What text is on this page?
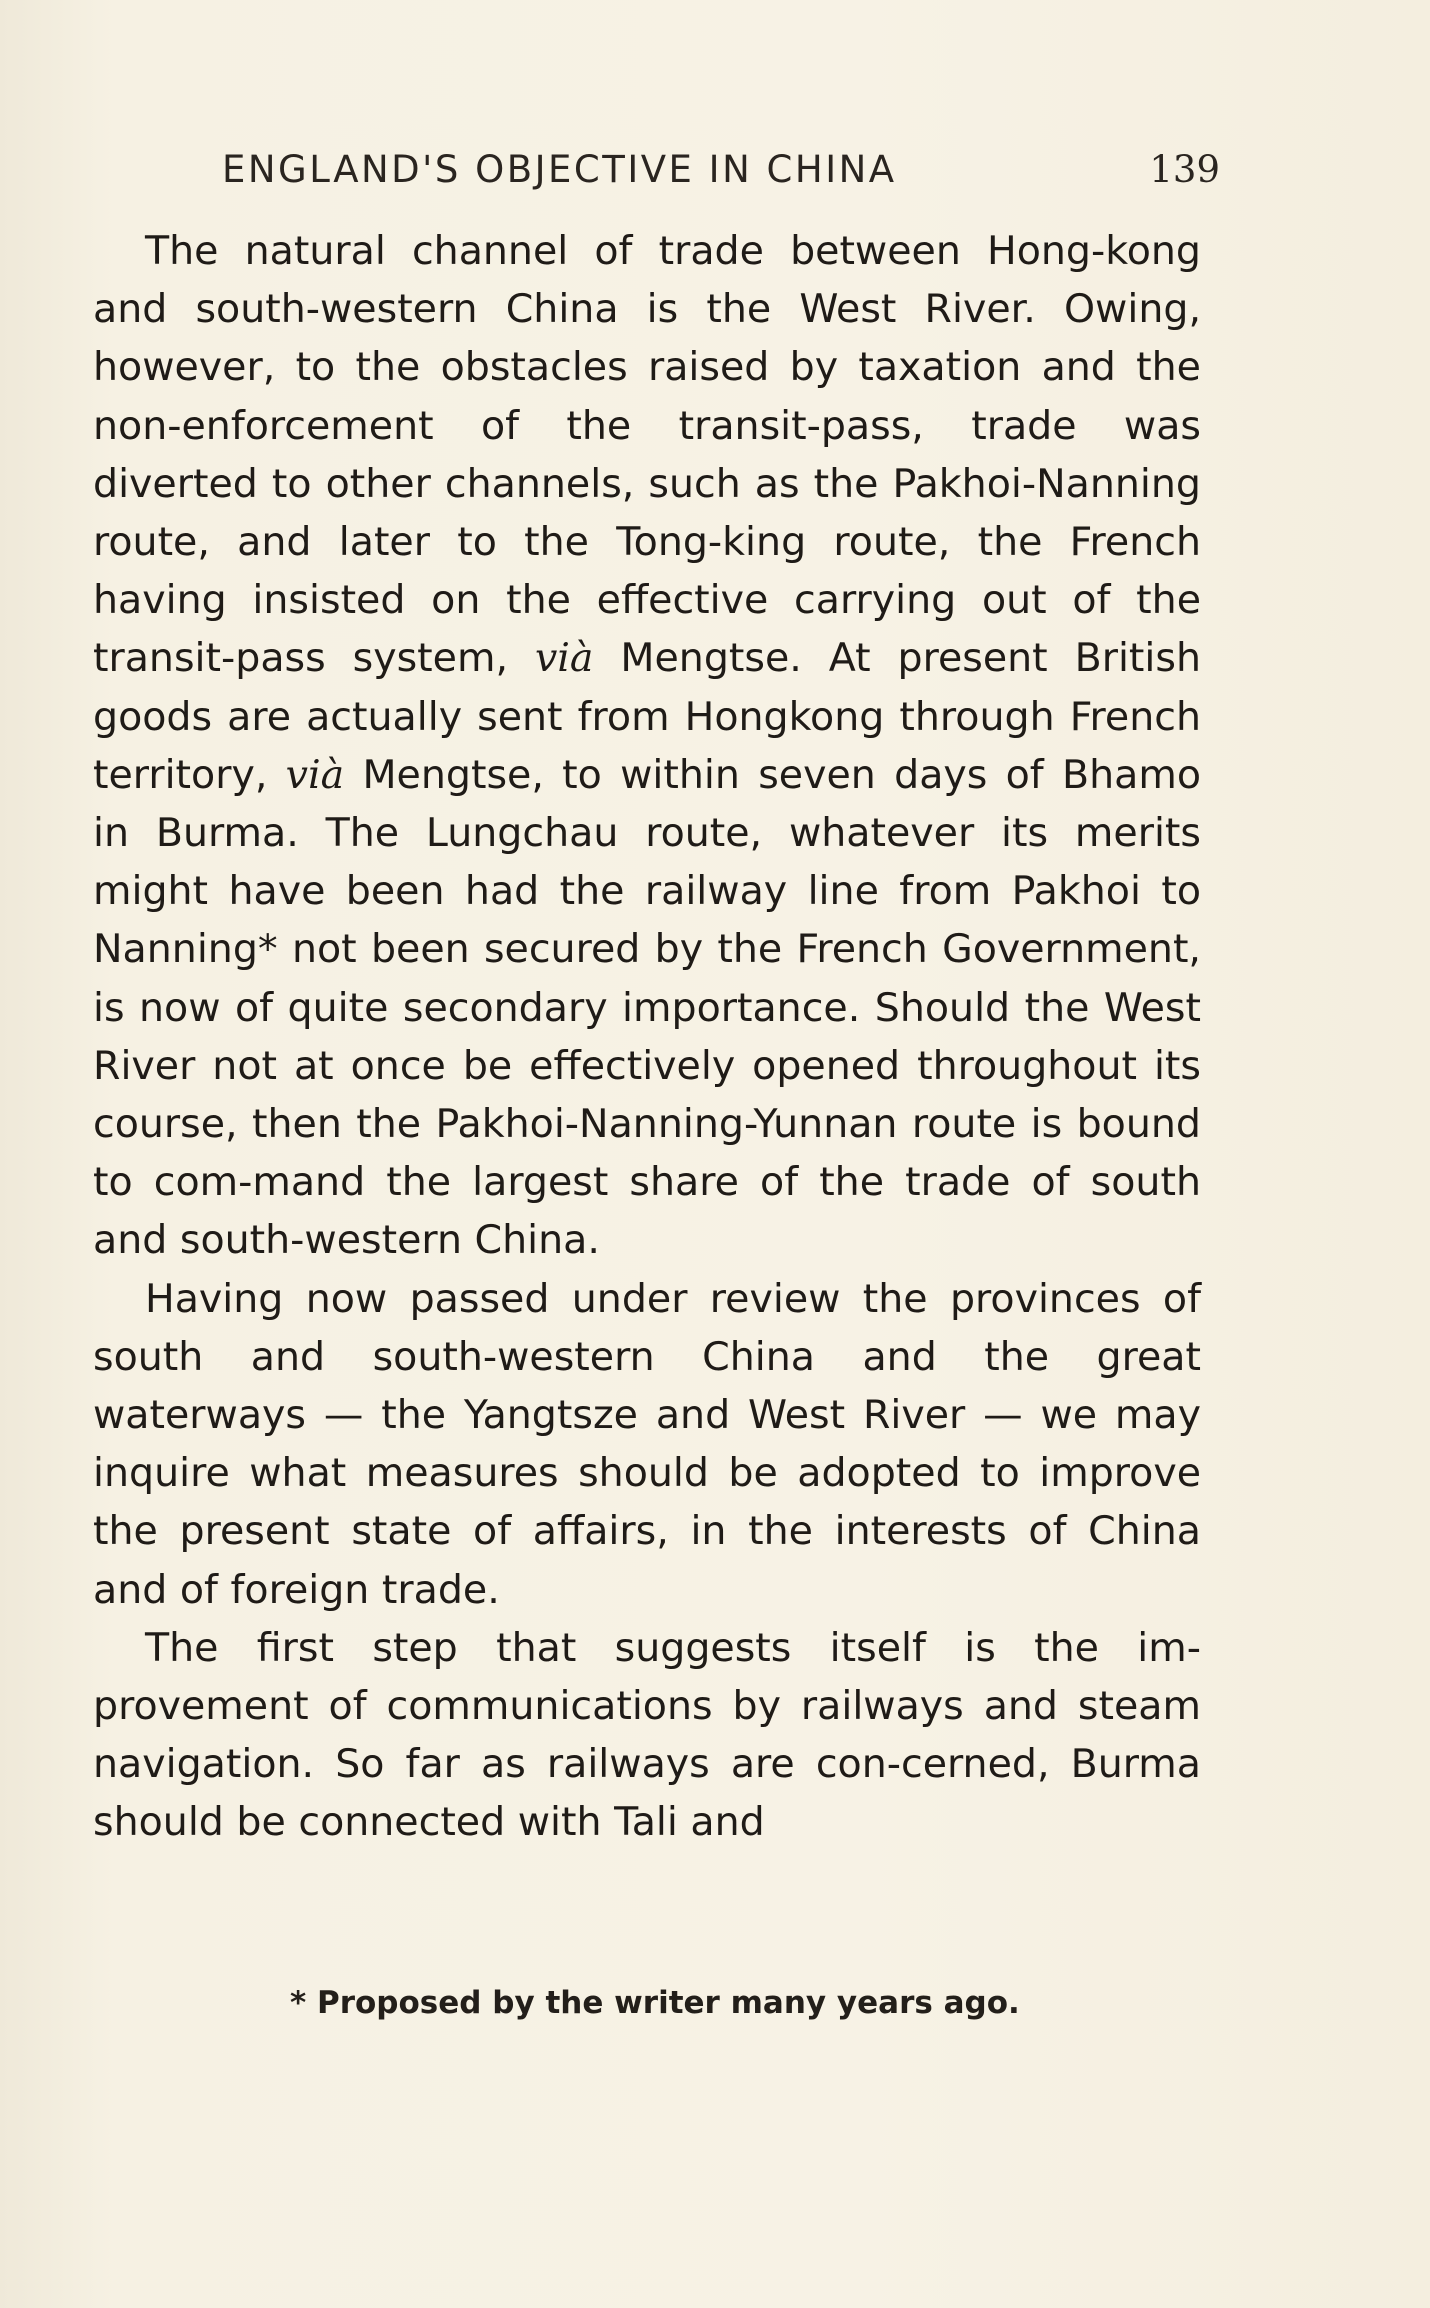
ENGLAND'S OBJECTIVE IN CHINA	139

The natural channel of trade between Hong-kong and south-western China is the West River. Owing, however, to the obstacles raised by taxation and the non-enforcement of the transit-pass, trade was diverted to other channels, such as the Pakhoi-Nanning route, and later to the Tong-king route, the French having insisted on the effective carrying out of the transit-pass system, vià Mengtse. At present British goods are actually sent from Hongkong through French territory, vià Mengtse, to within seven days of Bhamo in Burma. The Lungchau route, whatever its merits might have been had the railway line from Pakhoi to Nanning* not been secured by the French Government, is now of quite secondary importance. Should the West River not at once be effectively opened throughout its course, then the Pakhoi-Nanning-Yunnan route is bound to com-mand the largest share of the trade of south and south-western China.

Having now passed under review the provinces of south and south-western China and the great waterways — the Yangtsze and West River — we may inquire what measures should be adopted to improve the present state of affairs, in the interests of China and of foreign trade.

The first step that suggests itself is the im-provement of communications by railways and steam navigation. So far as railways are con-cerned, Burma should be connected with Tali and

* Proposed by the writer many years ago.
